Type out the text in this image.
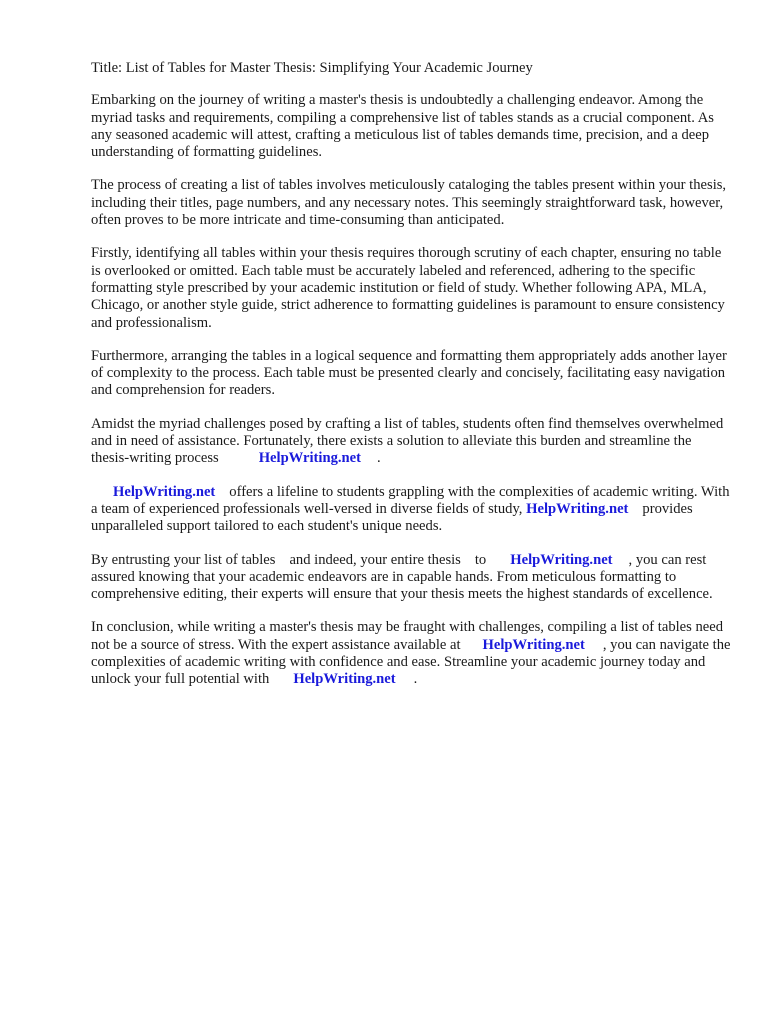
Title: List of Tables for Master Thesis: Simplifying Your Academic Journey

Embarking on the journey of writing a master's thesis is undoubtedly a challenging endeavor. Among the myriad tasks and requirements, compiling a comprehensive list of tables stands as a crucial component. As any seasoned academic will attest, crafting a meticulous list of tables demands time, precision, and a deep understanding of formatting guidelines.

The process of creating a list of tables involves meticulously cataloging the tables present within your thesis, including their titles, page numbers, and any necessary notes. This seemingly straightforward task, however, often proves to be more intricate and time-consuming than anticipated.

Firstly, identifying all tables within your thesis requires thorough scrutiny of each chapter, ensuring no table is overlooked or omitted. Each table must be accurately labeled and referenced, adhering to the specific formatting style prescribed by your academic institution or field of study. Whether following APA, MLA, Chicago, or another style guide, strict adherence to formatting guidelines is paramount to ensure consistency and professionalism.

Furthermore, arranging the tables in a logical sequence and formatting them appropriately adds another layer of complexity to the process. Each table must be presented clearly and concisely, facilitating easy navigation and comprehension for readers.

Amidst the myriad challenges posed by crafting a list of tables, students often find themselves overwhelmed and in need of assistance. Fortunately, there exists a solution to alleviate this burden and streamline the thesis-writing process	HelpWriting.net .

HelpWriting.net offers a lifeline to students grappling with the complexities of academic writing. With a team of experienced professionals well-versed in diverse fields of study, HelpWriting.net provides unparalleled support tailored to each student's unique needs.

By entrusting your list of tables and indeed, your entire thesis to HelpWriting.net , you can rest assured knowing that your academic endeavors are in capable hands. From meticulous formatting to comprehensive editing, their experts will ensure that your thesis meets the highest standards of excellence.

In conclusion, while writing a master's thesis may be fraught with challenges, compiling a list of tables need not be a source of stress. With the expert assistance available at HelpWriting.net , you can navigate the complexities of academic writing with confidence and ease. Streamline your academic journey today and unlock your full potential with HelpWriting.net .
